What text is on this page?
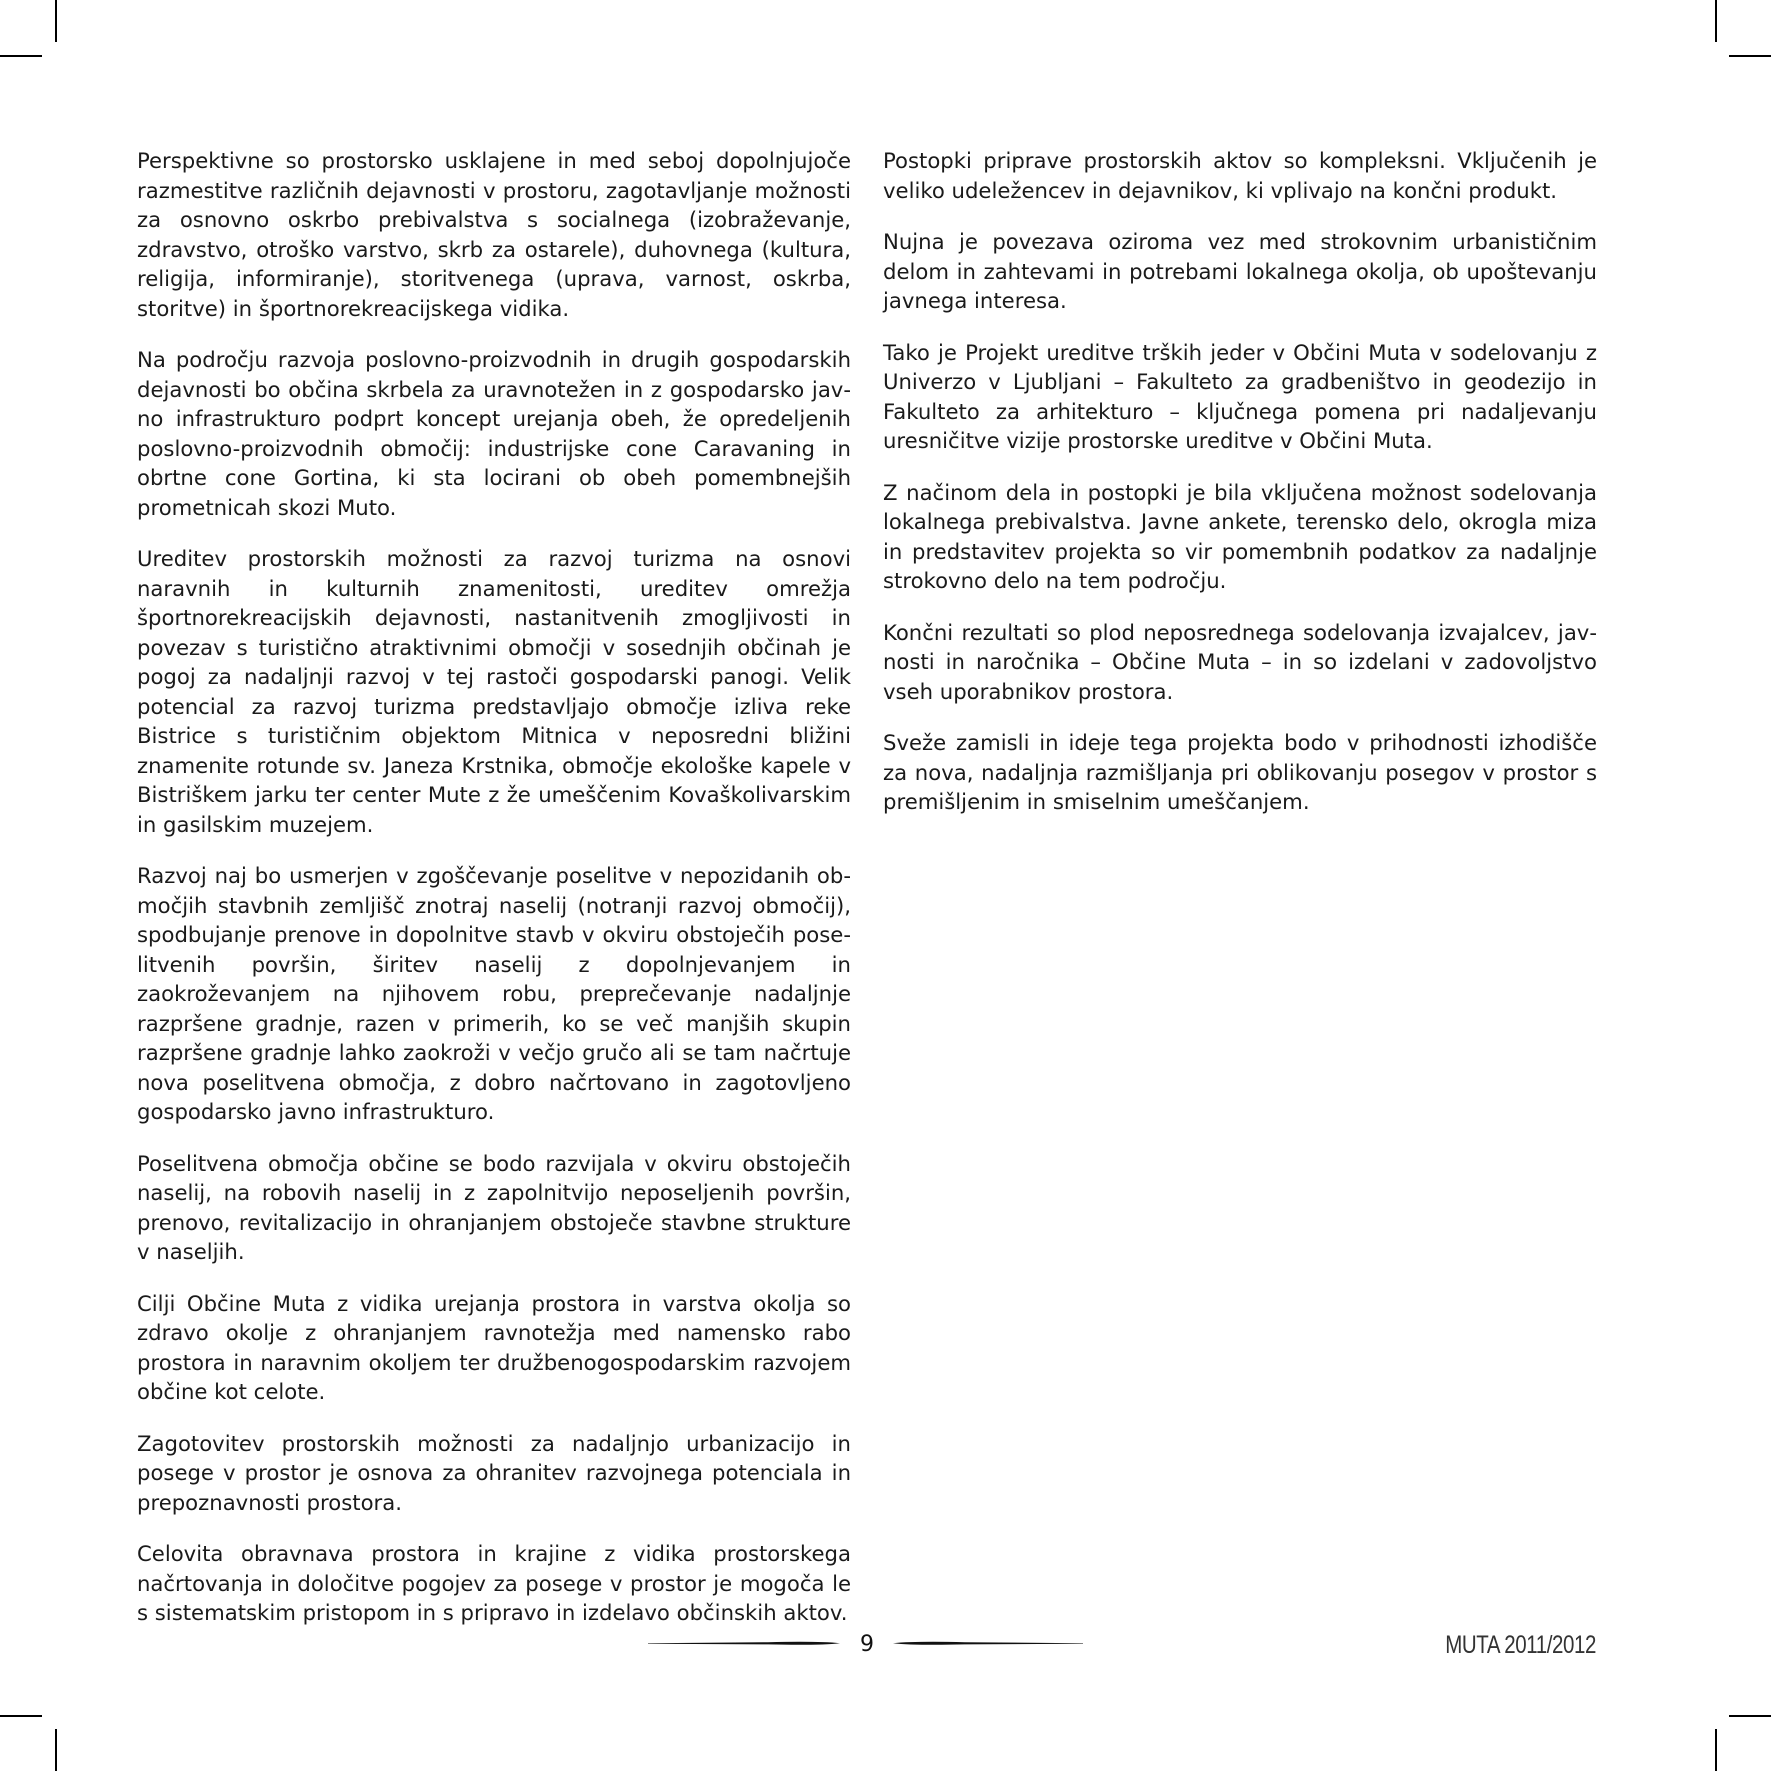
Perspektivne so prostorsko usklajene in med seboj dopolnjujoče razmestitve različnih dejavnosti v prostoru, zagotavljanje možnosti za osnovno oskrbo prebivalstva s socialnega (izobraževanje, zdravstvo, otroško varstvo, skrb za ostarele), duhovnega (kultura, religija, informiranje), storitvenega (uprava, varnost, oskrba, storitve) in športnorekreacijskega vidika.

Na področju razvoja poslovno-proizvodnih in drugih gospodarskih dejavnosti bo občina skrbela za uravnotežen in z gospodarsko javno infrastrukturo podprt koncept urejanja obeh, že opredeljenih poslovno-proizvodnih območij: industrijske cone Caravaning in obrtne cone Gortina, ki sta locirani ob obeh pomembnejših prometnicah skozi Muto.

Ureditev prostorskih možnosti za razvoj turizma na osnovi naravnih in kulturnih znamenitosti, ureditev omrežja športnorekreacijskih dejavnosti, nastanitvenih zmogljivosti in povezav s turistično atraktivnimi območji v sosednjih občinah je pogoj za nadaljnji razvoj v tej rastoči gospodarski panogi. Velik potencial za razvoj turizma predstavljajo območje izliva reke Bistrice s turističnim objektom Mitnica v neposredni bližini znamenite rotunde sv. Janeza Krstnika, območje ekološke kapele v Bistriškem jarku ter center Mute z že umeščenim Kovaškolivarskim in gasilskim muzejem.

Razvoj naj bo usmerjen v zgoščevanje poselitve v nepozidanih območjih stavbnih zemljišč znotraj naselij (notranji razvoj območij), spodbujanje prenove in dopolnitve stavb v okviru obstoječih poselitvenih površin, širitev naselij z dopolnjevanjem in zaokroževanjem na njihovem robu, preprečevanje nadaljnje razpršene gradnje, razen v primerih, ko se več manjših skupin razpršene gradnje lahko zaokroži v večjo gručo ali se tam načrtuje nova poselitvena območja, z dobro načrtovano in zagotovljeno gospodarsko javno infrastrukturo.

Poselitvena območja občine se bodo razvijala v okviru obstoječih naselij, na robovih naselij in z zapolnitvijo neposeljenih površin, prenovo, revitalizacijo in ohranjanjem obstoječe stavbne strukture v naseljih.

Cilji Občine Muta z vidika urejanja prostora in varstva okolja so zdravo okolje z ohranjanjem ravnotežja med namensko rabo prostora in naravnim okoljem ter družbenogospodarskim razvojem občine kot celote.

Zagotovitev prostorskih možnosti za nadaljnjo urbanizacijo in posege v prostor je osnova za ohranitev razvojnega potenciala in prepoznavnosti prostora.

Celovita obravnava prostora in krajine z vidika prostorskega načrtovanja in določitve pogojev za posege v prostor je mogoča le s sistematskim pristopom in s pripravo in izdelavo občinskih aktov.

Postopki priprave prostorskih aktov so kompleksni. Vključenih je veliko udeležencev in dejavnikov, ki vplivajo na končni produkt.

Nujna je povezava oziroma vez med strokovnim urbanističnim delom in zahtevami in potrebami lokalnega okolja, ob upoštevanju javnega interesa.

Tako je Projekt ureditve trških jeder v Občini Muta v sodelovanju z Univerzo v Ljubljani – Fakulteto za gradbeništvo in geodezijo in Fakulteto za arhitekturo – ključnega pomena pri nadaljevanju uresničitve vizije prostorske ureditve v Občini Muta.

Z načinom dela in postopki je bila vključena možnost sodelovanja lokalnega prebivalstva. Javne ankete, terensko delo, okrogla miza in predstavitev projekta so vir pomembnih podatkov za nadaljnje strokovno delo na tem področju.

Končni rezultati so plod neposrednega sodelovanja izvajalcev, javnosti in naročnika – Občine Muta – in so izdelani v zadovoljstvo vseh uporabnikov prostora.

Sveže zamisli in ideje tega projekta bodo v prihodnosti izhodišče za nova, nadaljnja razmišljanja pri oblikovanju posegov v prostor s premišljenim in smiselnim umeščanjem.

9	MUTA 2011/2012
